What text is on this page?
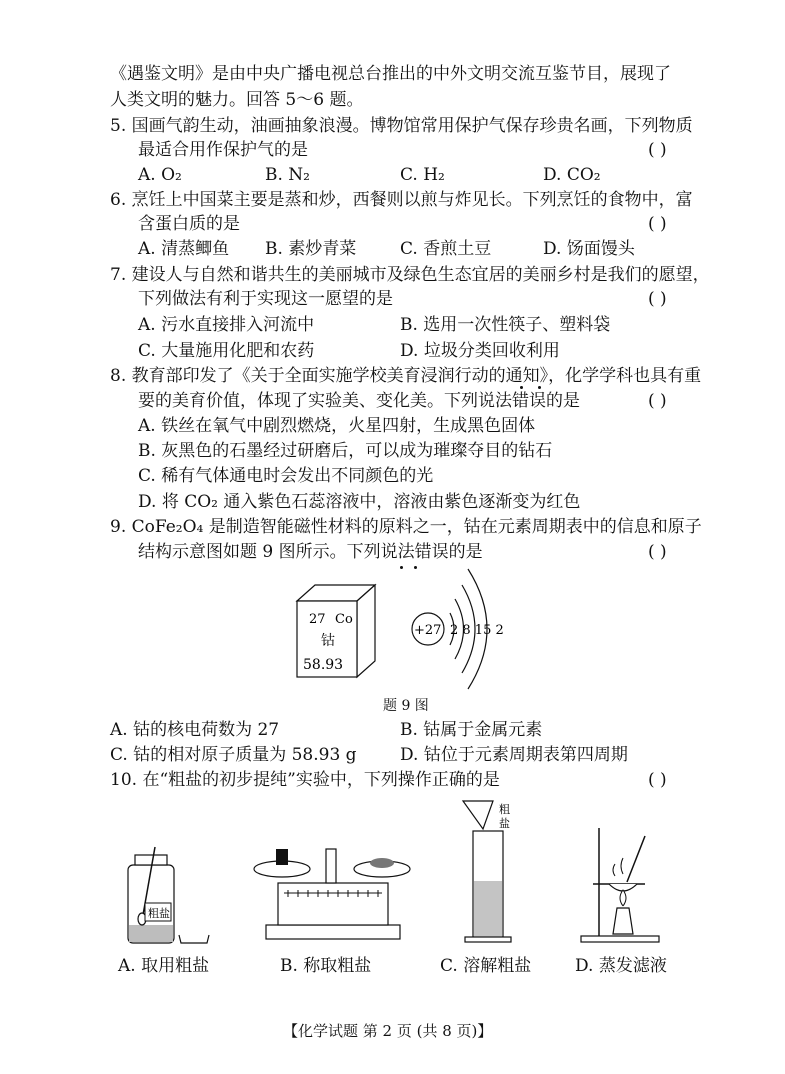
《遇鉴文明》是由中央广播电视总台推出的中外文明交流互鉴节目，展现了
人类文明的魅力。回答 5～6 题。
5. 国画气韵生动，油画抽象浪漫。博物馆常用保护气保存珍贵名画，下列物质
最适合用作保护气的是	( )
A. O₂	B. N₂	C. H₂	D. CO₂
6. 烹饪上中国菜主要是蒸和炒，西餐则以煎与炸见长。下列烹饪的食物中，富
含蛋白质的是	( )
A. 清蒸鲫鱼 B. 素炒青菜	C. 香煎土豆	D. 饧面馒头
7. 建设人与自然和谐共生的美丽城市及绿色生态宜居的美丽乡村是我们的愿望，
下列做法有利于实现这一愿望的是	( )
A. 污水直接排入河流中	B. 选用一次性筷子、塑料袋
C. 大量施用化肥和农药	D. 垃圾分类回收利用
8. 教育部印发了《关于全面实施学校美育浸润行动的通知》，化学学科也具有重
要的美育价值，体现了实验美、变化美。下列说法错误的是	( )
A. 铁丝在氧气中剧烈燃烧，火星四射，生成黑色固体
B. 灰黑色的石墨经过研磨后，可以成为璀璨夺目的钻石
C. 稀有气体通电时会发出不同颜色的光
D. 将 CO₂ 通入紫色石蕊溶液中，溶液由紫色逐渐变为红色
9. CoFe₂O₄ 是制造智能磁性材料的原料之一，钴在元素周期表中的信息和原子
结构示意图如题 9 图所示。下列说法错误的是	( )
27 Co
钴
58.93
+27 2 8 15 2
题 9 图
A. 钴的核电荷数为 27	B. 钴属于金属元素
C. 钴的相对原子质量为 58.93 g	D. 钴位于元素周期表第四周期
10. 在“粗盐的初步提纯”实验中，下列操作正确的是	( )
粗盐
粗
盐
A. 取用粗盐	B. 称取粗盐	C. 溶解粗盐	D. 蒸发滤液
【化学试题 第 2 页 (共 8 页)】
